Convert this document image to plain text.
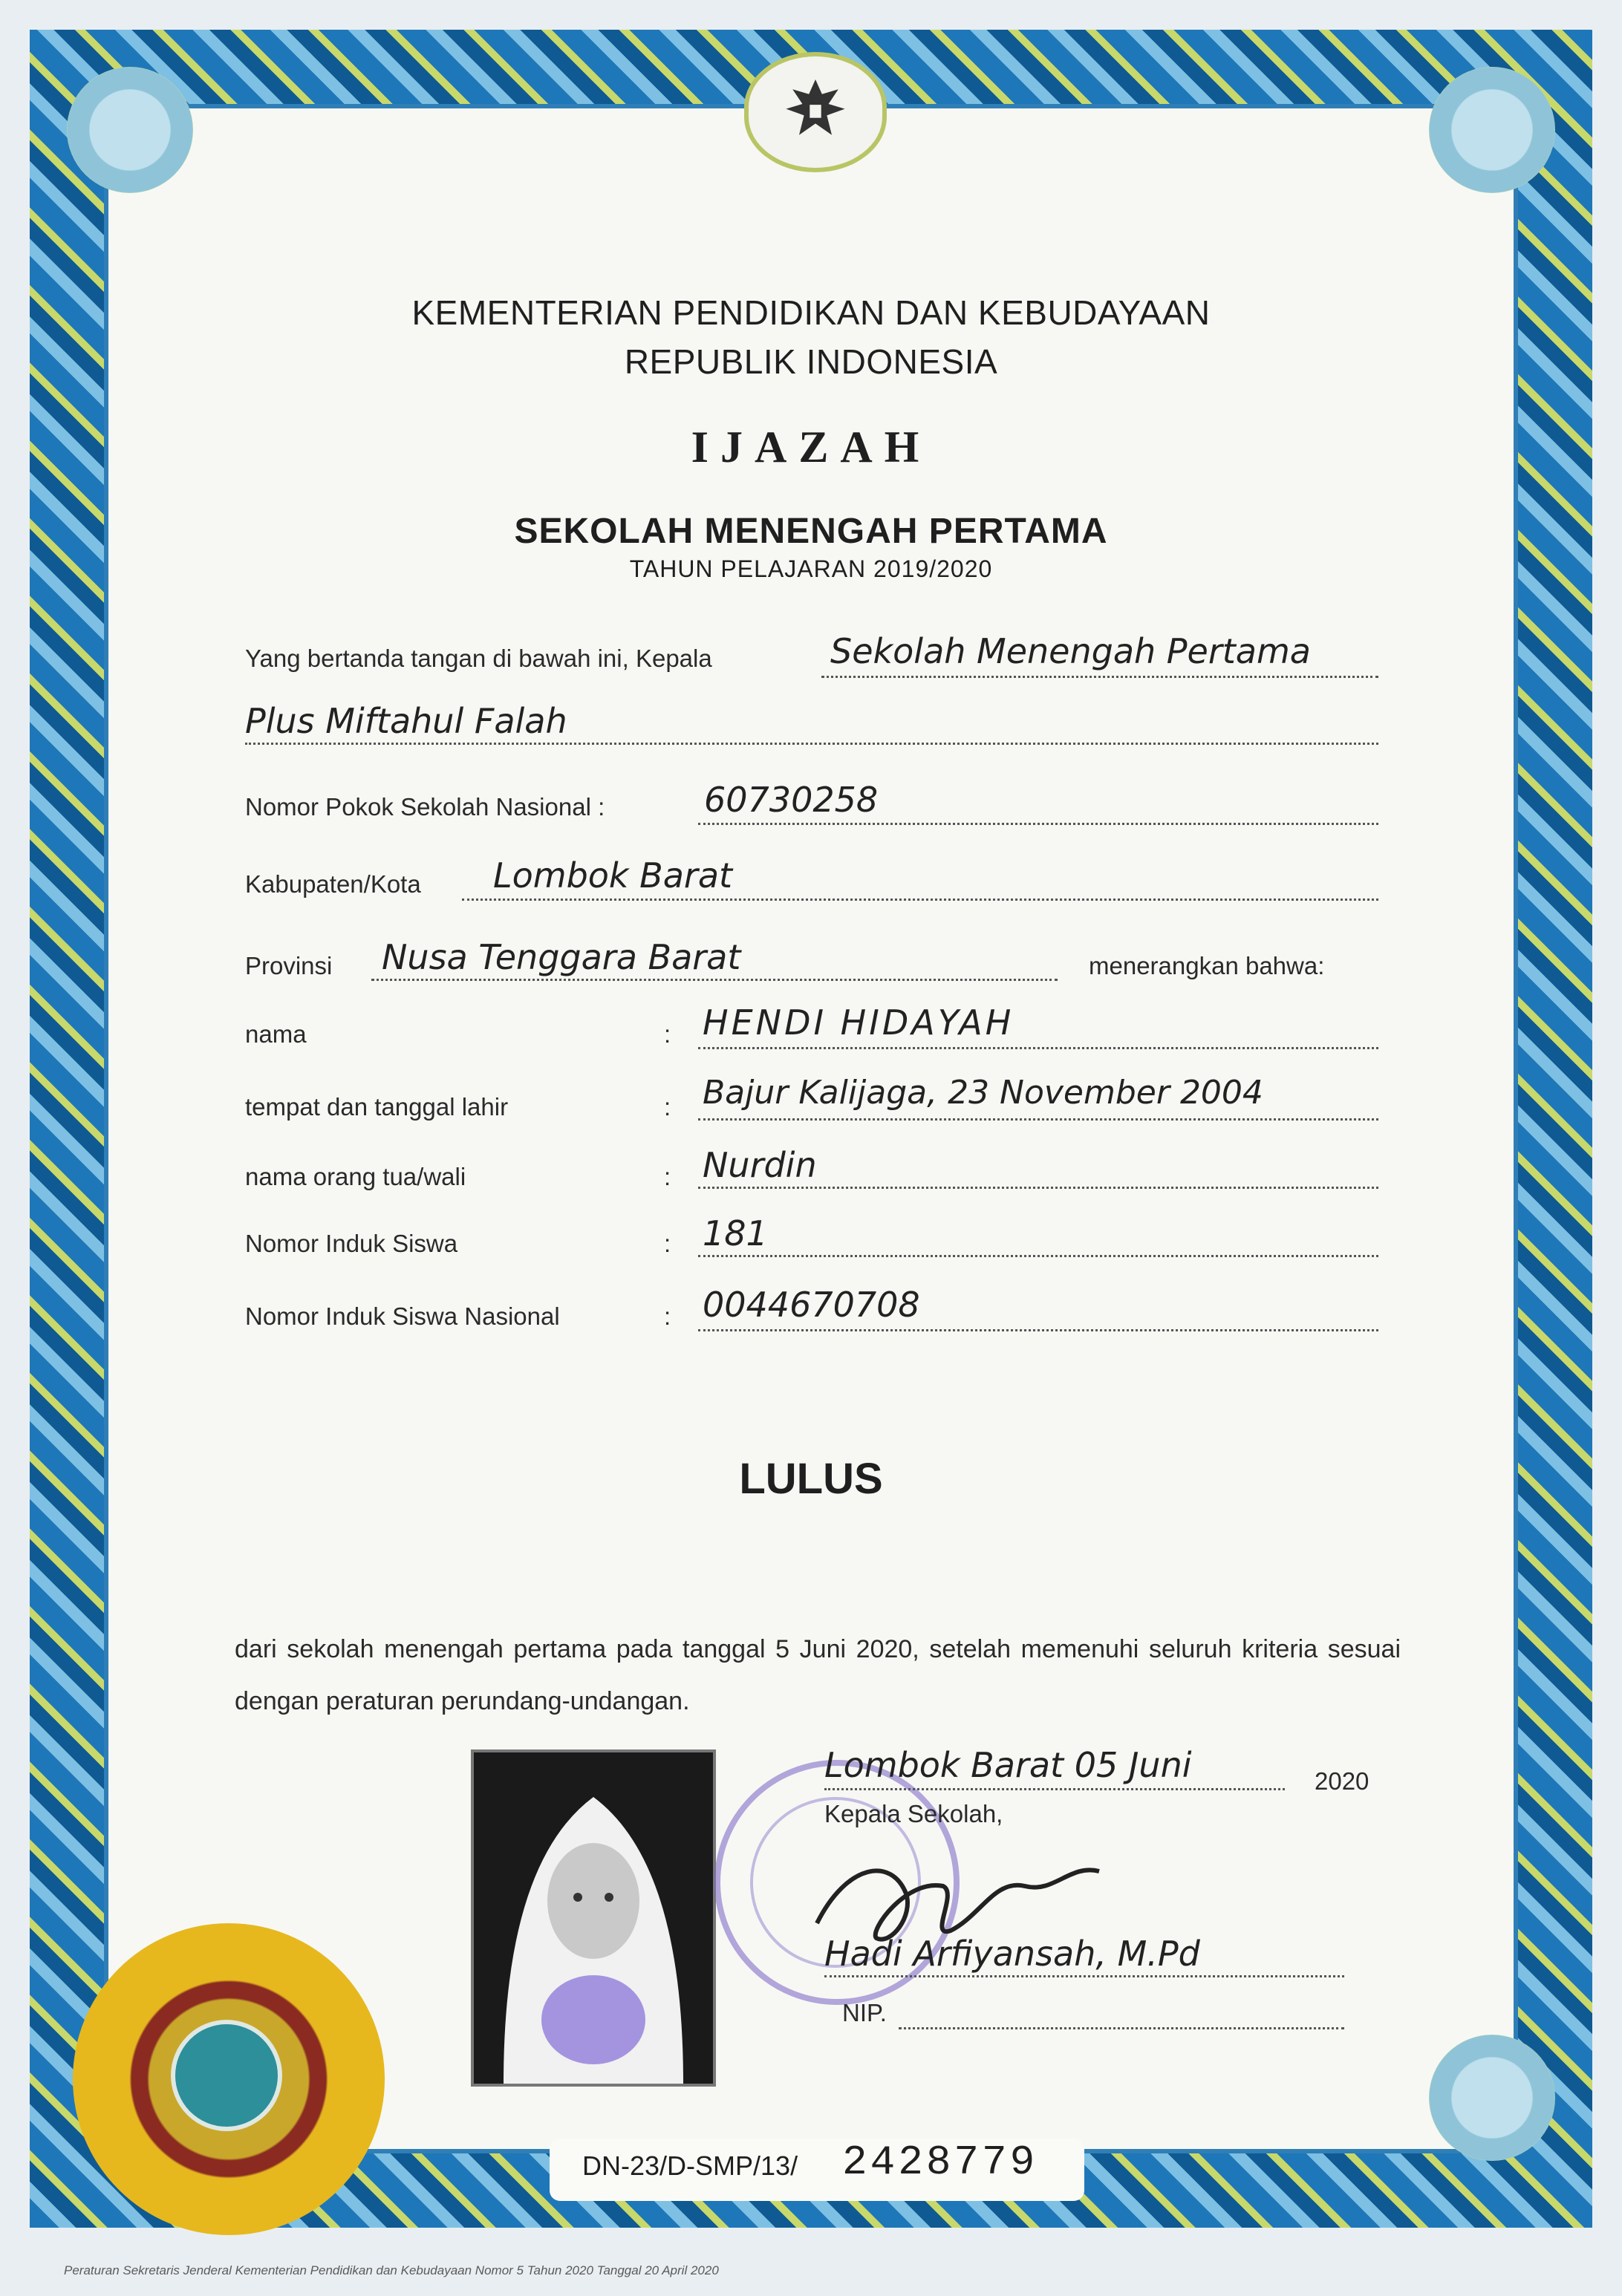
KEMENTERIAN PENDIDIKAN DAN KEBUDAYAAN
REPUBLIK INDONESIA
IJAZAH
SEKOLAH MENENGAH PERTAMA
TAHUN PELAJARAN 2019/2020
Yang bertanda tangan di bawah ini, Kepala	Sekolah Menengah Pertama
Plus Miftahul Falah
Nomor Pokok Sekolah Nasional :	60730258
Kabupaten/Kota Lombok Barat
Provinsi Nusa Tenggara Barat	menerangkan bahwa:
nama	: HENDI HIDAYAH
tempat dan tanggal lahir	: Bajur Kalijaga, 23 November 2004
nama orang tua/wali	: Nurdin
Nomor Induk Siswa	: 181
Nomor Induk Siswa Nasional	: 0044670708
LULUS
dari sekolah menengah pertama pada tanggal 5 Juni 2020, setelah memenuhi seluruh kriteria sesuai dengan peraturan perundang-undangan.
Lombok Barat 05 Juni	2020
Kepala Sekolah,
Hadi Arfiyansah, M.Pd
NIP.
DN-23/D-SMP/13/ 2428779
Peraturan Sekretaris Jenderal Kementerian Pendidikan dan Kebudayaan Nomor 5 Tahun 2020 Tanggal 20 April 2020
